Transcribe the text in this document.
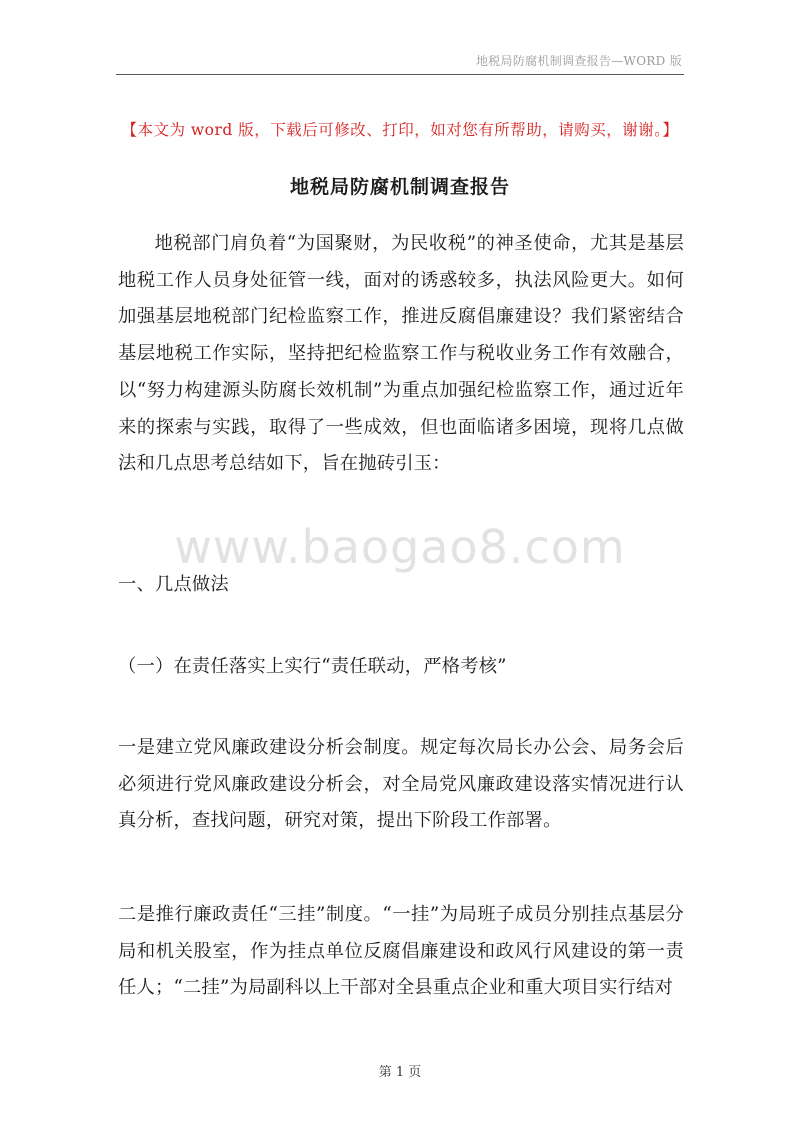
地税局防腐机制调查报告—WORD 版
【本文为 word 版，下载后可修改、打印，如对您有所帮助，请购买，谢谢。】
地税局防腐机制调查报告
地税部门肩负着“为国聚财，为民收税”的神圣使命，尤其是基层地税工作人员身处征管一线，面对的诱惑较多，执法风险更大。如何加强基层地税部门纪检监察工作，推进反腐倡廉建设？我们紧密结合基层地税工作实际，坚持把纪检监察工作与税收业务工作有效融合，以“努力构建源头防腐长效机制”为重点加强纪检监察工作，通过近年来的探索与实践，取得了一些成效，但也面临诸多困境，现将几点做法和几点思考总结如下，旨在抛砖引玉：
www.baogao8.com
一、几点做法
（一）在责任落实上实行“责任联动，严格考核”
一是建立党风廉政建设分析会制度。规定每次局长办公会、局务会后必须进行党风廉政建设分析会，对全局党风廉政建设落实情况进行认真分析，查找问题，研究对策，提出下阶段工作部署。
二是推行廉政责任“三挂”制度。“一挂”为局班子成员分别挂点基层分局和机关股室，作为挂点单位反腐倡廉建设和政风行风建设的第一责任人；“二挂”为局副科以上干部对全县重点企业和重大项目实行结对
第 1 页
